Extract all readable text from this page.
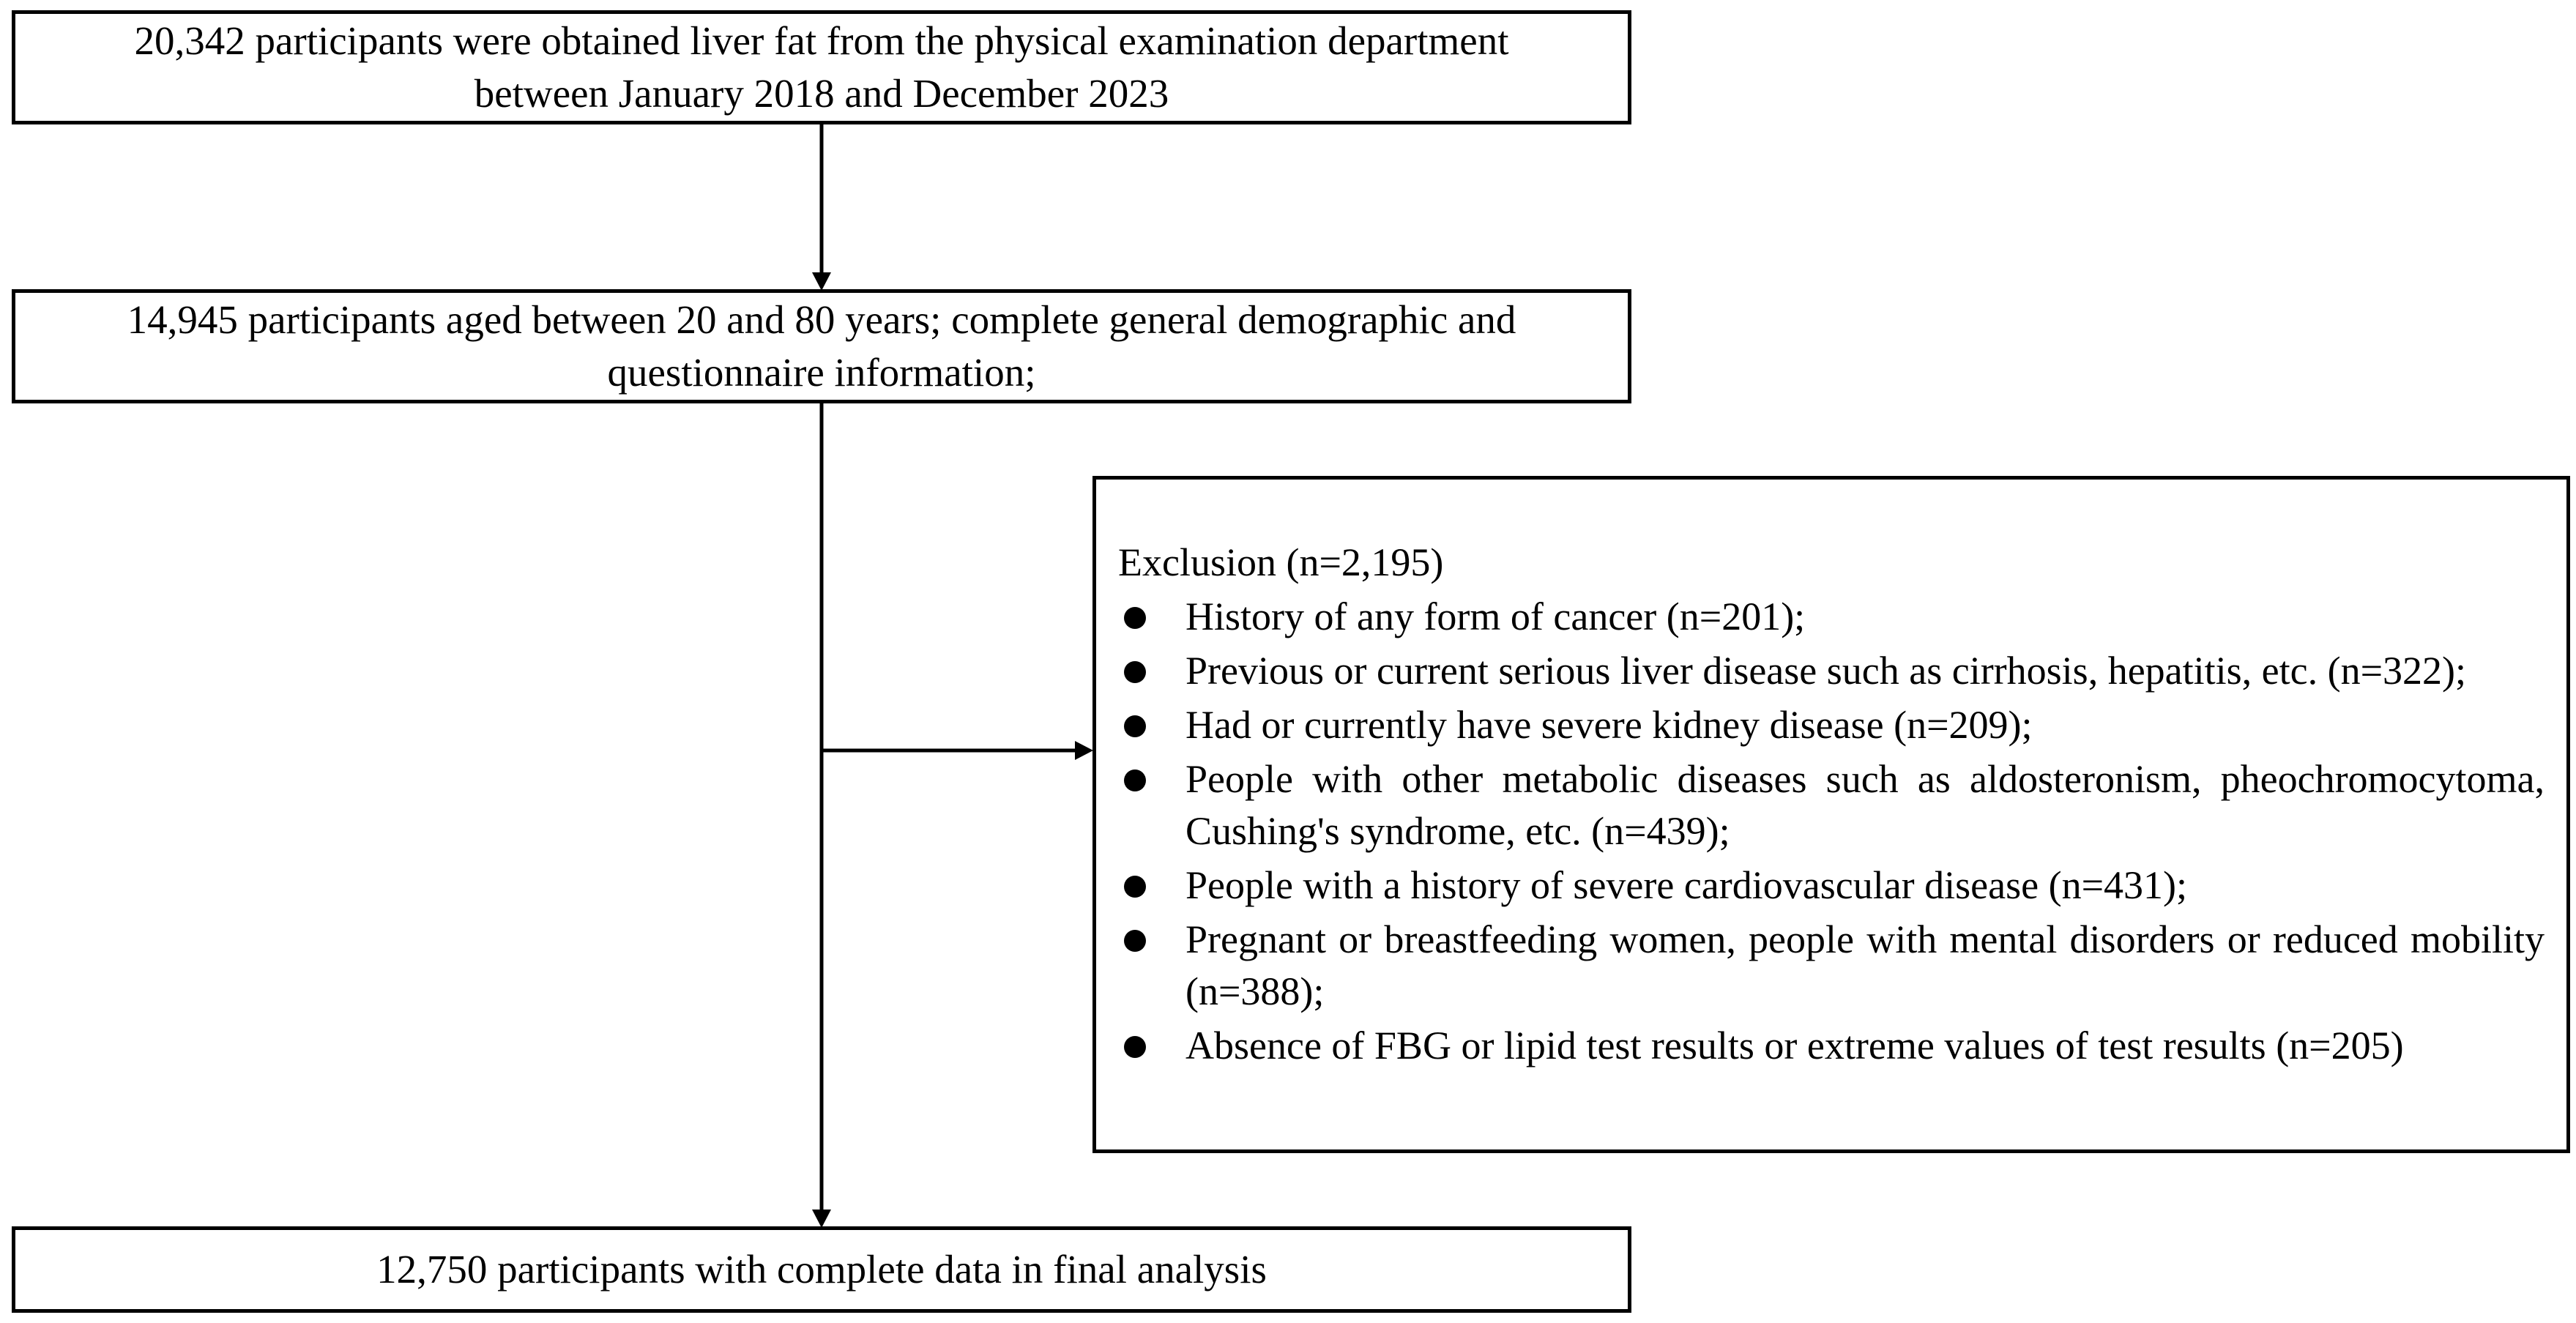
20,342 participants were obtained liver fat from the physical examination department
between January 2018 and December 2023
14,945 participants aged between 20 and 80 years; complete general demographic and
questionnaire information;
Exclusion (n=2,195)
History of any form of cancer (n=201);
Previous or current serious liver disease such as cirrhosis, hepatitis, etc. (n=322);
Had or currently have severe kidney disease (n=209);
People with other metabolic diseases such as aldosteronism, pheochromocytoma, Cushing's syndrome, etc. (n=439);
People with a history of severe cardiovascular disease (n=431);
Pregnant or breastfeeding women, people with mental disorders or reduced mobility (n=388);
Absence of FBG or lipid test results or extreme values of test results (n=205)
12,750 participants with complete data in final analysis
